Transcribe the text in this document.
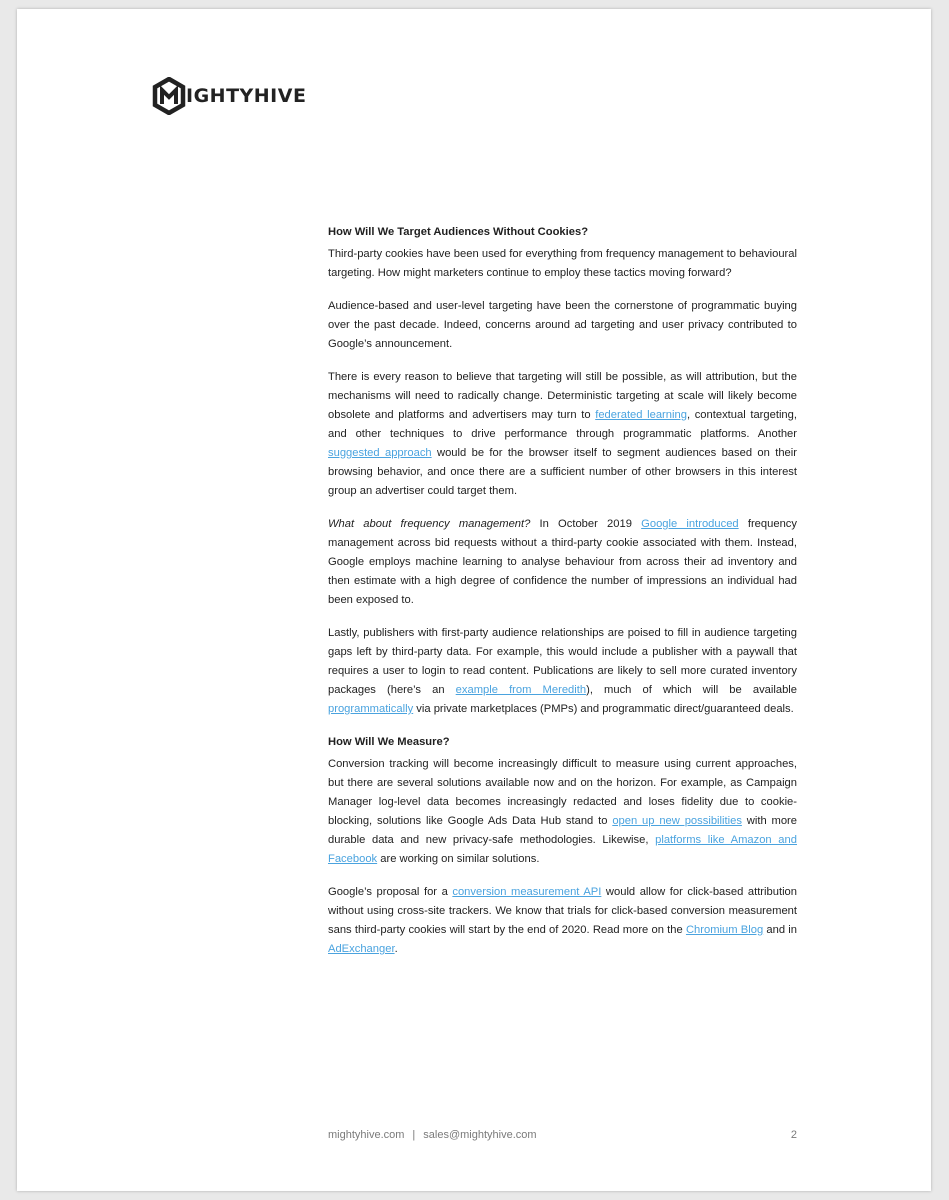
IGHTYHIVE
How Will We Target Audiences Without Cookies?

Third-party cookies have been used for everything from frequency management to behavioural targeting. How might marketers continue to employ these tactics moving forward?

Audience-based and user-level targeting have been the cornerstone of programmatic buying over the past decade. Indeed, concerns around ad targeting and user privacy contributed to Google’s announcement.

There is every reason to believe that targeting will still be possible, as will attribution, but the mechanisms will need to radically change. Deterministic targeting at scale will likely become obsolete and platforms and advertisers may turn to federated learning, contextual targeting, and other techniques to drive performance through programmatic platforms. Another suggested approach would be for the browser itself to segment audiences based on their browsing behavior, and once there are a sufficient number of other browsers in this interest group an advertiser could target them.

What about frequency management? In October 2019 Google introduced frequency management across bid requests without a third-party cookie associated with them. Instead, Google employs machine learning to analyse behaviour from across their ad inventory and then estimate with a high degree of confidence the number of impressions an individual had been exposed to.

Lastly, publishers with first-party audience relationships are poised to fill in audience targeting gaps left by third-party data. For example, this would include a publisher with a paywall that requires a user to login to read content. Publications are likely to sell more curated inventory packages (here’s an example from Meredith), much of which will be available programmatically via private marketplaces (PMPs) and programmatic direct/guaranteed deals.

How Will We Measure?

Conversion tracking will become increasingly difficult to measure using current approaches, but there are several solutions available now and on the horizon. For example, as Campaign Manager log-level data becomes increasingly redacted and loses fidelity due to cookie-blocking, solutions like Google Ads Data Hub stand to open up new possibilities with more durable data and new privacy-safe methodologies. Likewise, platforms like Amazon and Facebook are working on similar solutions.

Google’s proposal for a conversion measurement API would allow for click-based attribution without using cross-site trackers. We know that trials for click-based conversion measurement sans third-party cookies will start by the end of 2020. Read more on the Chromium Blog and in AdExchanger.

mightyhive.com | sales@mightyhive.com	2
